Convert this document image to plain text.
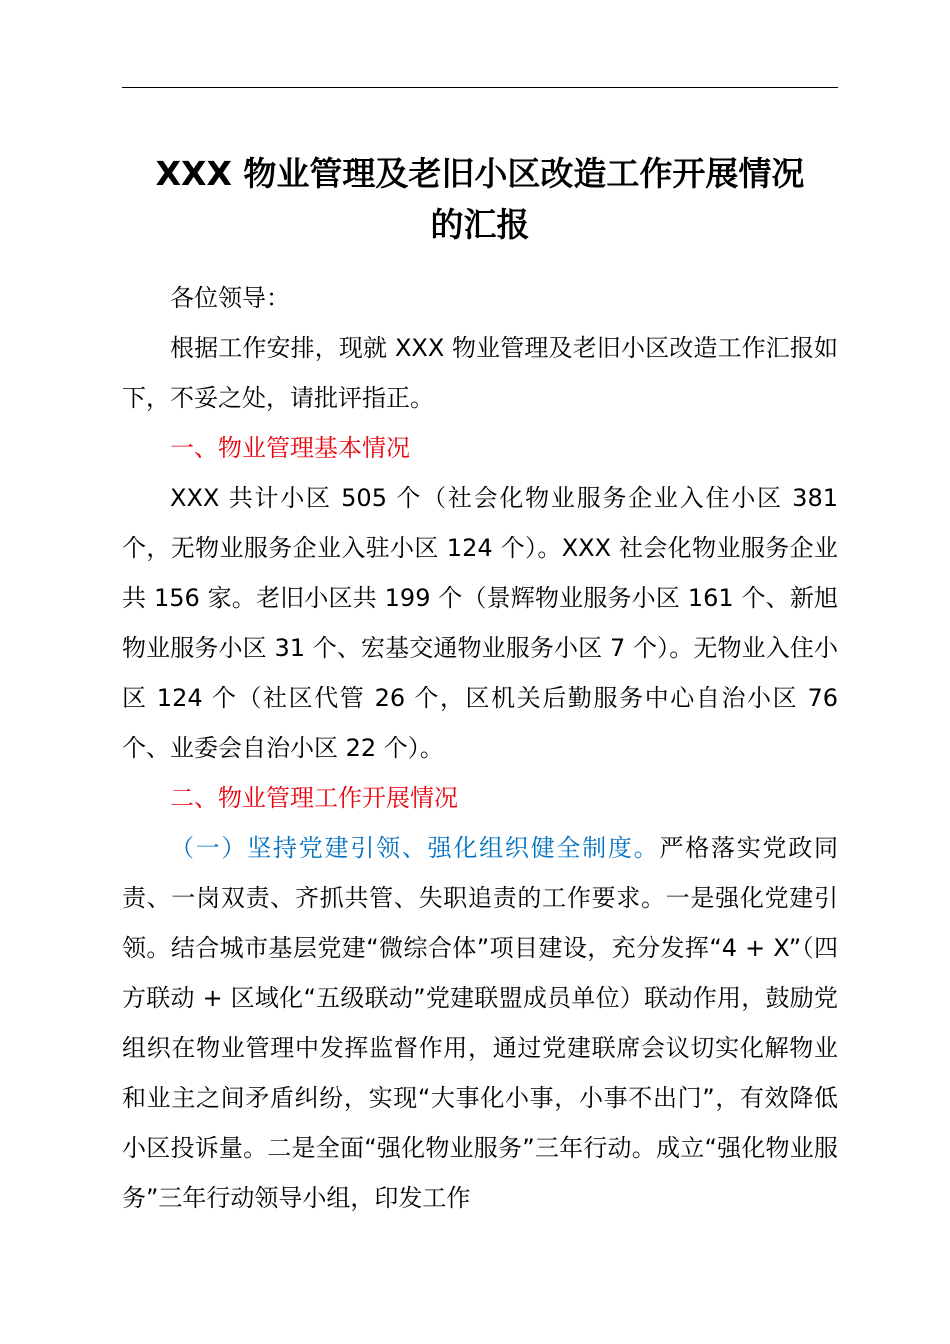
XXX 物业管理及老旧小区改造工作开展情况
的汇报

各位领导：

根据工作安排，现就 XXX 物业管理及老旧小区改造工作汇报如下，不妥之处，请批评指正。

一、物业管理基本情况

XXX 共计小区 505 个（社会化物业服务企业入住小区 381 个，无物业服务企业入驻小区 124 个）。XXX 社会化物业服务企业共 156 家。老旧小区共 199 个（景辉物业服务小区 161 个、新旭物业服务小区 31 个、宏基交通物业服务小区 7 个）。无物业入住小区 124 个（社区代管 26 个，区机关后勤服务中心自治小区 76 个、业委会自治小区 22 个）。

二、物业管理工作开展情况

（一）坚持党建引领、强化组织健全制度。严格落实党政同责、一岗双责、齐抓共管、失职追责的工作要求。一是强化党建引领。结合城市基层党建“微综合体”项目建设，充分发挥“4 + X”（四方联动 + 区域化“五级联动”党建联盟成员单位）联动作用，鼓励党组织在物业管理中发挥监督作用，通过党建联席会议切实化解物业和业主之间矛盾纠纷，实现“大事化小事，小事不出门”，有效降低小区投诉量。二是全面“强化物业服务”三年行动。成立“强化物业服务”三年行动领导小组，印发工作
